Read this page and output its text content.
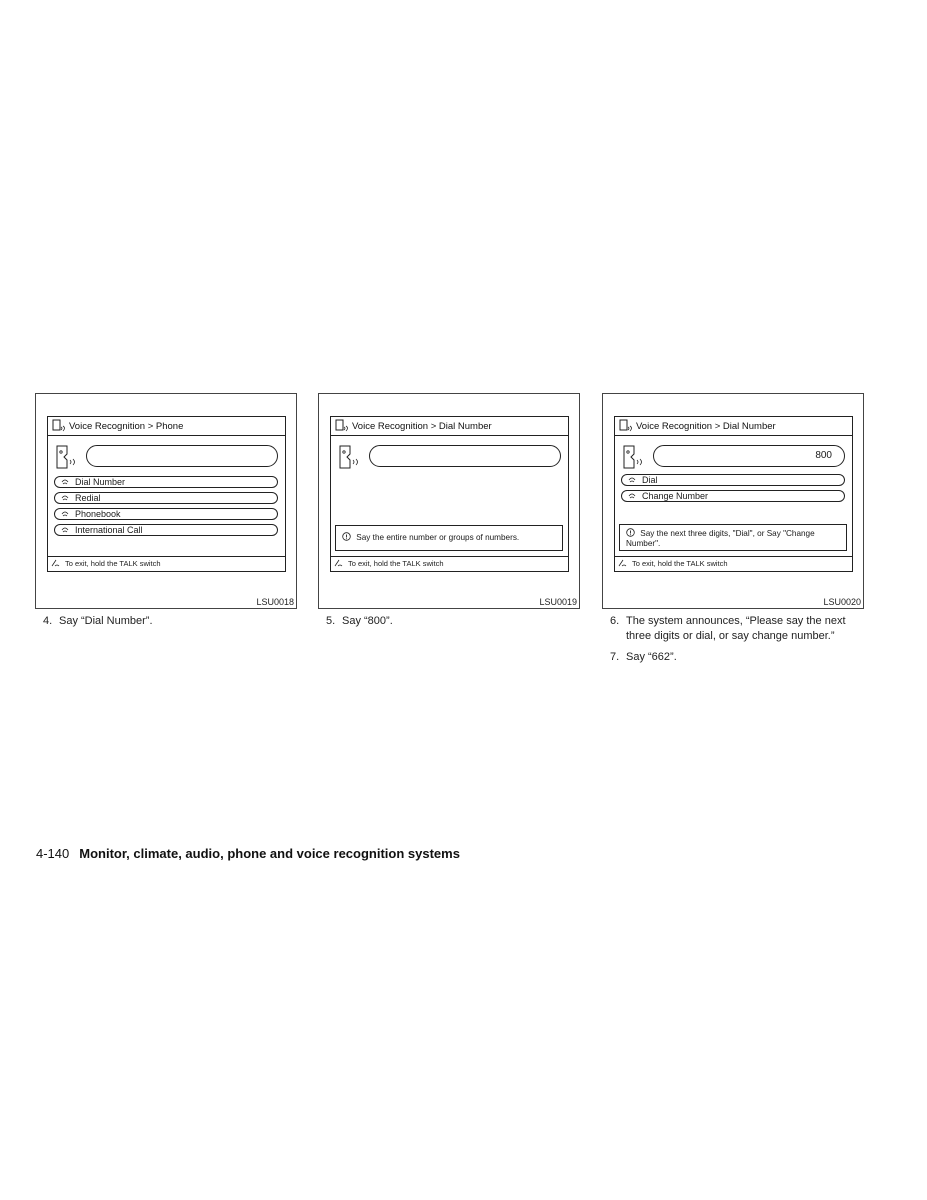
Voice Recognition > Phone
Dial Number
Redial
Phonebook
International Call
To exit, hold the TALK switch
LSU0018
Voice Recognition > Dial Number
Say the entire number or groups of numbers.
To exit, hold the TALK switch
LSU0019
Voice Recognition > Dial Number
800
Dial
Change Number
Say the next three digits, "Dial", or Say "Change
Number".
To exit, hold the TALK switch
LSU0020
4. Say “Dial Number”.	5. Say “800”.	6. The system announces, “Please say the next
three digits or dial, or say change number.”
7. Say “662”.
4-140 Monitor, climate, audio, phone and voice recognition systems
